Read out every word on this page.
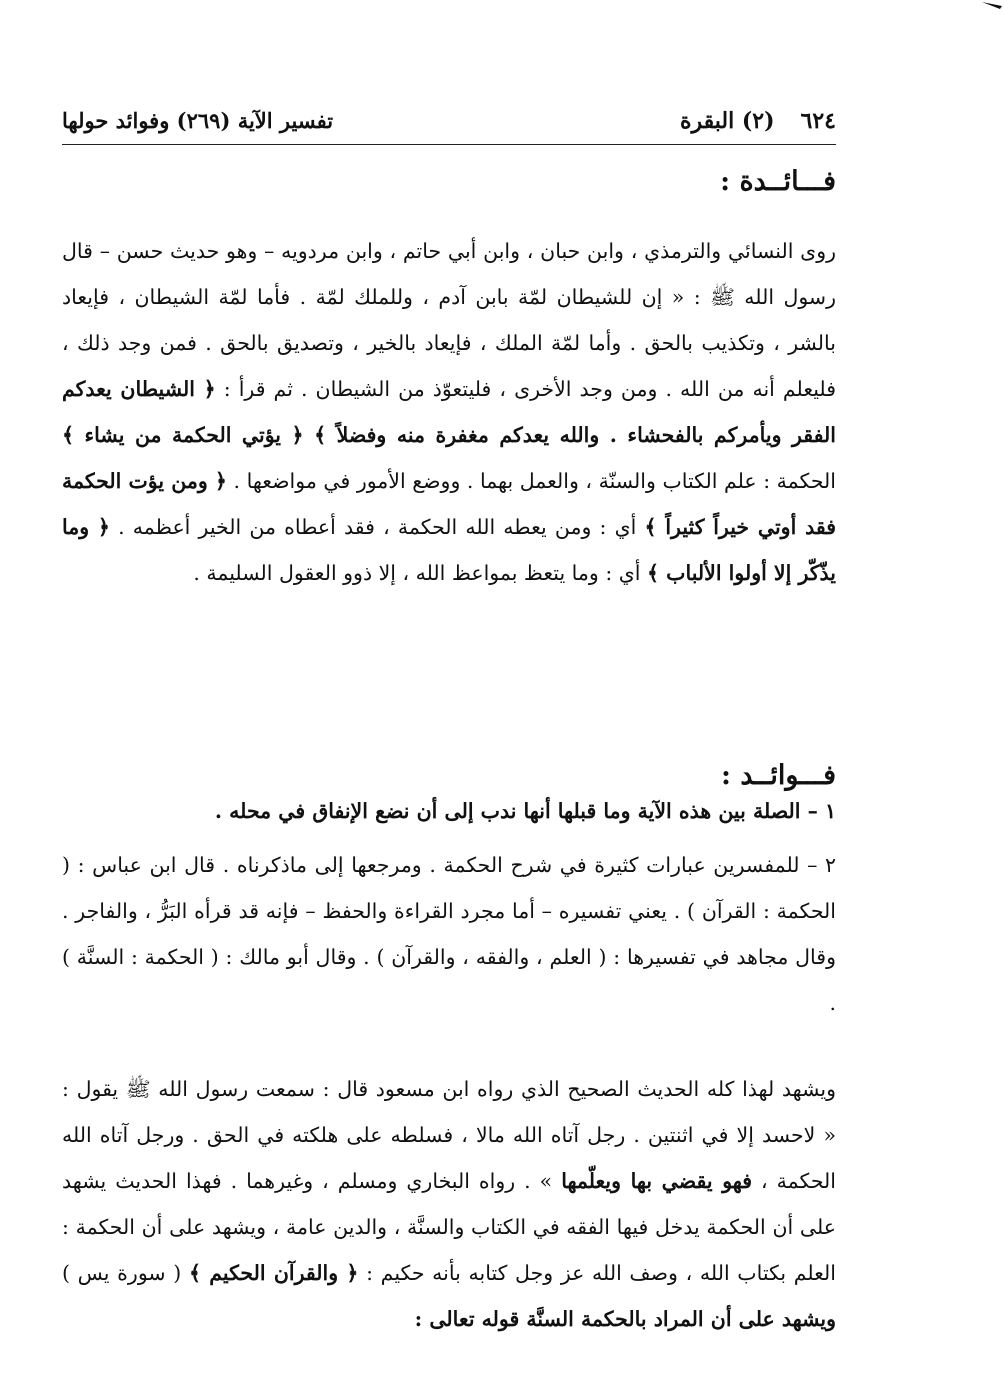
٦٢٤
(٢) البقرة
تفسير الآية (٢٦٩) وفوائد حولها
فـــائــدة :

روى النسائي والترمذي ، وابن حبان ، وابن أبي حاتم ، وابن مردويه – وهو حديث حسن – قال رسول الله ﷺ : « إن للشيطان لمّة بابن آدم ، وللملك لمّة . فأما لمّة الشيطان ، فإيعاد بالشر ، وتكذيب بالحق . وأما لمّة الملك ، فإيعاد بالخير ، وتصديق بالحق . فمن وجد ذلك ، فليعلم أنه من الله . ومن وجد الأخرى ، فليتعوّذ من الشيطان . ثم قرأ : ﴿ الشيطان يعدكم الفقر ويأمركم بالفحشاء . والله يعدكم مغفرة منه وفضلاً ﴾ ﴿ يؤتي الحكمة من يشاء ﴾ الحكمة : علم الكتاب والسنّة ، والعمل بهما . ووضع الأمور في مواضعها . ﴿ ومن يؤت الحكمة فقد أوتي خيراً كثيراً ﴾ أي : ومن يعطه الله الحكمة ، فقد أعطاه من الخير أعظمه . ﴿ وما يذّكّر إلا أولوا الألباب ﴾ أي : وما يتعظ بمواعظ الله ، إلا ذوو العقول السليمة .

فـــوائــد :

١ – الصلة بين هذه الآية وما قبلها أنها ندب إلى أن نضع الإنفاق في محله .

٢ – للمفسرين عبارات كثيرة في شرح الحكمة . ومرجعها إلى ماذكرناه . قال ابن عباس : ( الحكمة : القرآن ) . يعني تفسيره – أما مجرد القراءة والحفظ – فإنه قد قرأه البَرُّ ، والفاجر . وقال مجاهد في تفسيرها : ( العلم ، والفقه ، والقرآن ) . وقال أبو مالك : ( الحكمة : السنَّة ) .

ويشهد لهذا كله الحديث الصحيح الذي رواه ابن مسعود قال : سمعت رسول الله ﷺ يقول : « لاحسد إلا في اثنتين . رجل آتاه الله مالا ، فسلطه على هلكته في الحق . ورجل آتاه الله الحكمة ، فهو يقضي بها ويعلّمها » . رواه البخاري ومسلم ، وغيرهما . فهذا الحديث يشهد على أن الحكمة يدخل فيها الفقه في الكتاب والسنَّة ، والدين عامة ، ويشهد على أن الحكمة : العلم بكتاب الله ، وصف الله عز وجل كتابه بأنه حكيم : ﴿ والقرآن الحكيم ﴾ ( سورة يس ) ويشهد على أن المراد بالحكمة السنَّة قوله تعالى :
